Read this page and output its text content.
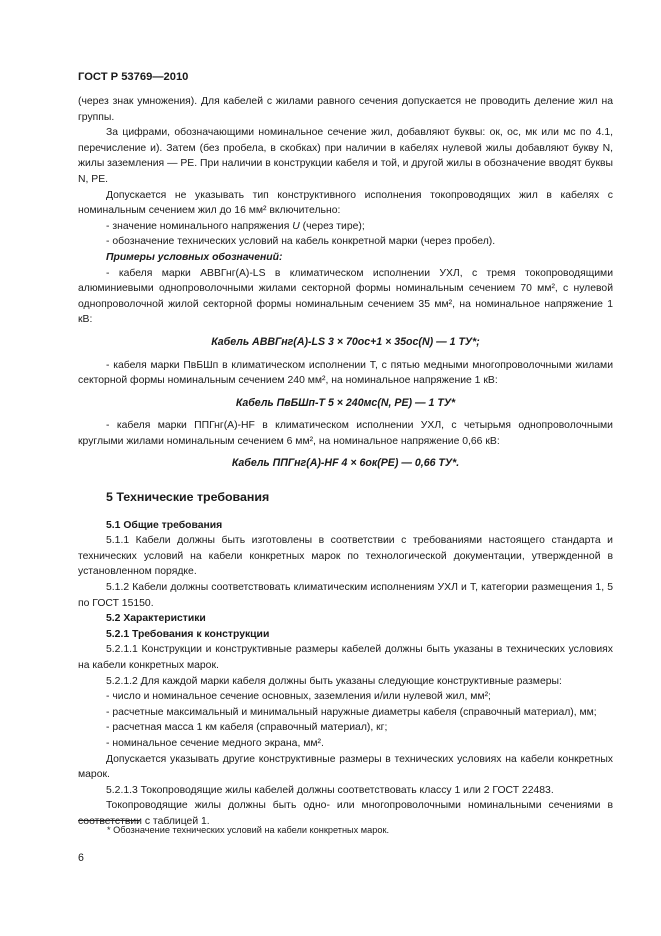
ГОСТ Р 53769—2010

(через знак умножения). Для кабелей с жилами равного сечения допускается не проводить деление жил на группы.

За цифрами, обозначающими номинальное сечение жил, добавляют буквы: ок, ос, мк или мс по 4.1, перечисление и). Затем (без пробела, в скобках) при наличии в кабелях нулевой жилы добавляют букву N, жилы заземления — PE. При наличии в конструкции кабеля и той, и другой жилы в обозначение вводят буквы N, PE.

Допускается не указывать тип конструктивного исполнения токопроводящих жил в кабелях с номинальным сечением жил до 16 мм² включительно:

- значение номинального напряжения U (через тире);

- обозначение технических условий на кабель конкретной марки (через пробел).

Примеры условных обозначений:

- кабеля марки АВВГнг(А)-LS в климатическом исполнении УХЛ, с тремя токопроводящими алюминиевыми однопроволочными жилами секторной формы номинальным сечением 70 мм², с нулевой однопроволочной жилой секторной формы номинальным сечением 35 мм², на номинальное напряжение 1 кВ:

Кабель АВВГнг(А)-LS 3 × 70ос+1 × 35ос(N) — 1 ТУ*;

- кабеля марки ПвБШп в климатическом исполнении Т, с пятью медными многопроволочными жилами секторной формы номинальным сечением 240 мм², на номинальное напряжение 1 кВ:

Кабель ПвБШп-Т 5 × 240мс(N, PE) — 1 ТУ*

- кабеля марки ППГнг(А)-HF в климатическом исполнении УХЛ, с четырьмя однопроволочными круглыми жилами номинальным сечением 6 мм², на номинальное напряжение 0,66 кВ:

Кабель ППГнг(А)-HF 4 × 6ок(PE) — 0,66 ТУ*.

5 Технические требования

5.1 Общие требования

5.1.1 Кабели должны быть изготовлены в соответствии с требованиями настоящего стандарта и технических условий на кабели конкретных марок по технологической документации, утвержденной в установленном порядке.

5.1.2 Кабели должны соответствовать климатическим исполнениям УХЛ и Т, категории размещения 1, 5 по ГОСТ 15150.

5.2 Характеристики

5.2.1 Требования к конструкции

5.2.1.1 Конструкции и конструктивные размеры кабелей должны быть указаны в технических условиях на кабели конкретных марок.

5.2.1.2 Для каждой марки кабеля должны быть указаны следующие конструктивные размеры:

- число и номинальное сечение основных, заземления и/или нулевой жил, мм²;

- расчетные максимальный и минимальный наружные диаметры кабеля (справочный материал), мм;

- расчетная масса 1 км кабеля (справочный материал), кг;

- номинальное сечение медного экрана, мм².

Допускается указывать другие конструктивные размеры в технических условиях на кабели конкретных марок.

5.2.1.3 Токопроводящие жилы кабелей должны соответствовать классу 1 или 2 ГОСТ 22483.

Токопроводящие жилы должны быть одно- или многопроволочными номинальными сечениями в соответствии с таблицей 1.

* Обозначение технических условий на кабели конкретных марок.
6
